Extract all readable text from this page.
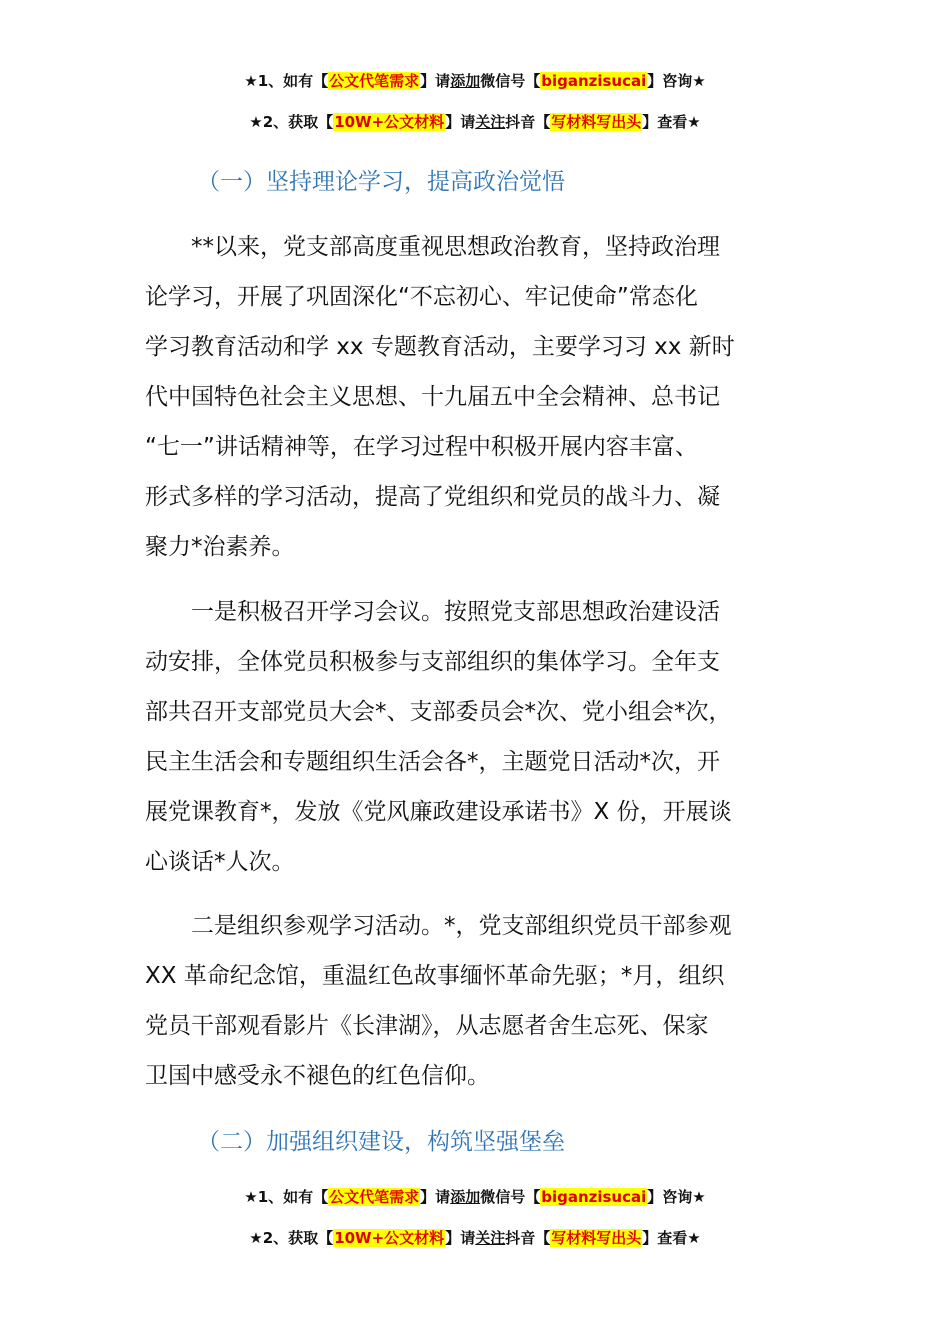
★1、如有【公文代笔需求】请添加微信号【biganzisucai】咨询★
★2、获取【10W+公文材料】请关注抖音【写材料写出头】查看★
（一）坚持理论学习，提高政治觉悟
**以来，党支部高度重视思想政治教育，坚持政治理
论学习，开展了巩固深化“不忘初心、牢记使命”常态化
学习教育活动和学 xx 专题教育活动，主要学习习 xx 新时
代中国特色社会主义思想、十九届五中全会精神、总书记
“七一”讲话精神等，在学习过程中积极开展内容丰富、
形式多样的学习活动，提高了党组织和党员的战斗力、凝
聚力*治素养。
一是积极召开学习会议。按照党支部思想政治建设活
动安排，全体党员积极参与支部组织的集体学习。全年支
部共召开支部党员大会*、支部委员会*次、党小组会*次，
民主生活会和专题组织生活会各*，主题党日活动*次，开
展党课教育*，发放《党风廉政建设承诺书》X 份，开展谈
心谈话*人次。
二是组织参观学习活动。*，党支部组织党员干部参观
XX 革命纪念馆，重温红色故事缅怀革命先驱；*月，组织
党员干部观看影片《长津湖》，从志愿者舍生忘死、保家
卫国中感受永不褪色的红色信仰。
（二）加强组织建设，构筑坚强堡垒
★1、如有【公文代笔需求】请添加微信号【biganzisucai】咨询★
★2、获取【10W+公文材料】请关注抖音【写材料写出头】查看★
